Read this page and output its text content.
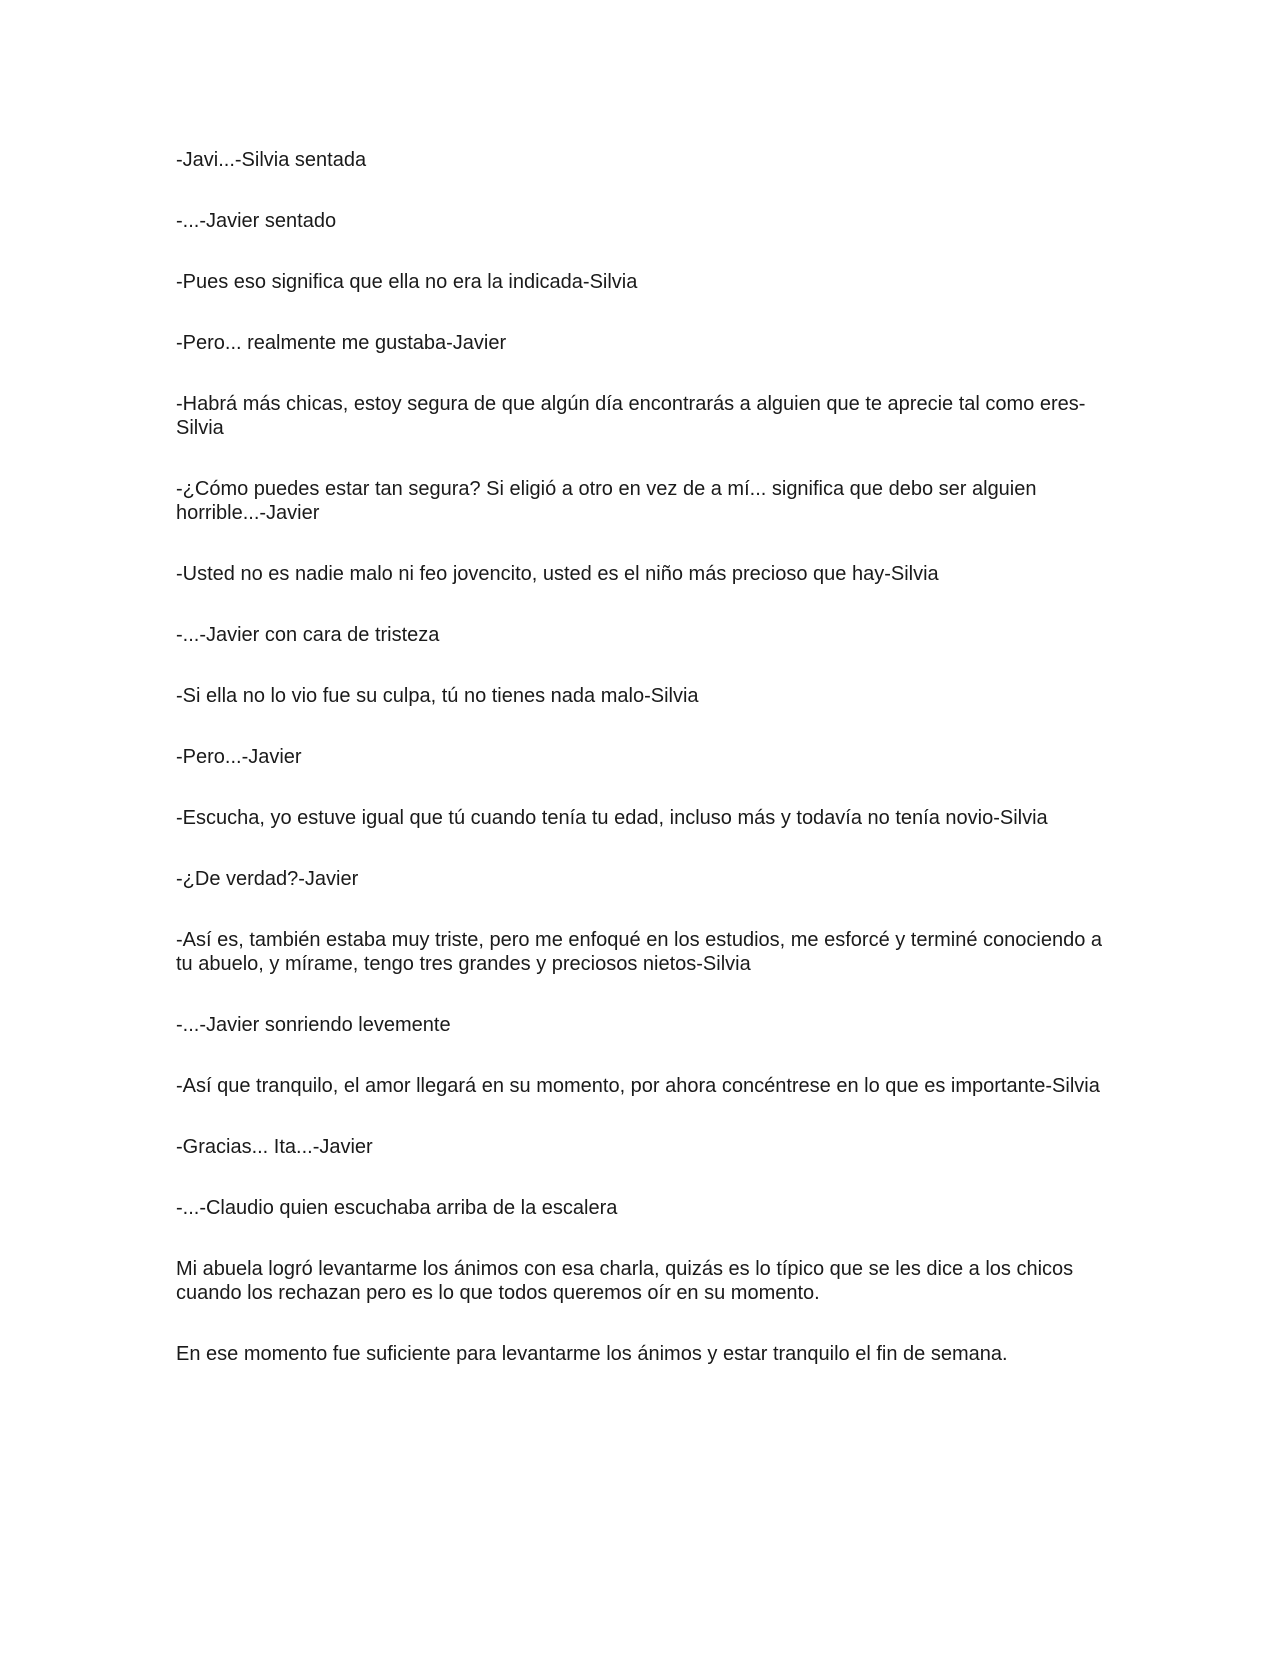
-Javi...-Silvia sentada

-...-Javier sentado

-Pues eso significa que ella no era la indicada-Silvia

-Pero... realmente me gustaba-Javier

-Habrá más chicas, estoy segura de que algún día encontrarás a alguien que te aprecie tal como eres-Silvia

-¿Cómo puedes estar tan segura? Si eligió a otro en vez de a mí... significa que debo ser alguien horrible...-Javier

-Usted no es nadie malo ni feo jovencito, usted es el niño más precioso que hay-Silvia

-...-Javier con cara de tristeza

-Si ella no lo vio fue su culpa, tú no tienes nada malo-Silvia

-Pero...-Javier

-Escucha, yo estuve igual que tú cuando tenía tu edad, incluso más y todavía no tenía novio-Silvia

-¿De verdad?-Javier

-Así es, también estaba muy triste, pero me enfoqué en los estudios, me esforcé y terminé conociendo a tu abuelo, y mírame, tengo tres grandes y preciosos nietos-Silvia

-...-Javier sonriendo levemente

-Así que tranquilo, el amor llegará en su momento, por ahora concéntrese en lo que es importante-Silvia

-Gracias... Ita...-Javier

-...-Claudio quien escuchaba arriba de la escalera

Mi abuela logró levantarme los ánimos con esa charla, quizás es lo típico que se les dice a los chicos cuando los rechazan pero es lo que todos queremos oír en su momento.

En ese momento fue suficiente para levantarme los ánimos y estar tranquilo el fin de semana.
